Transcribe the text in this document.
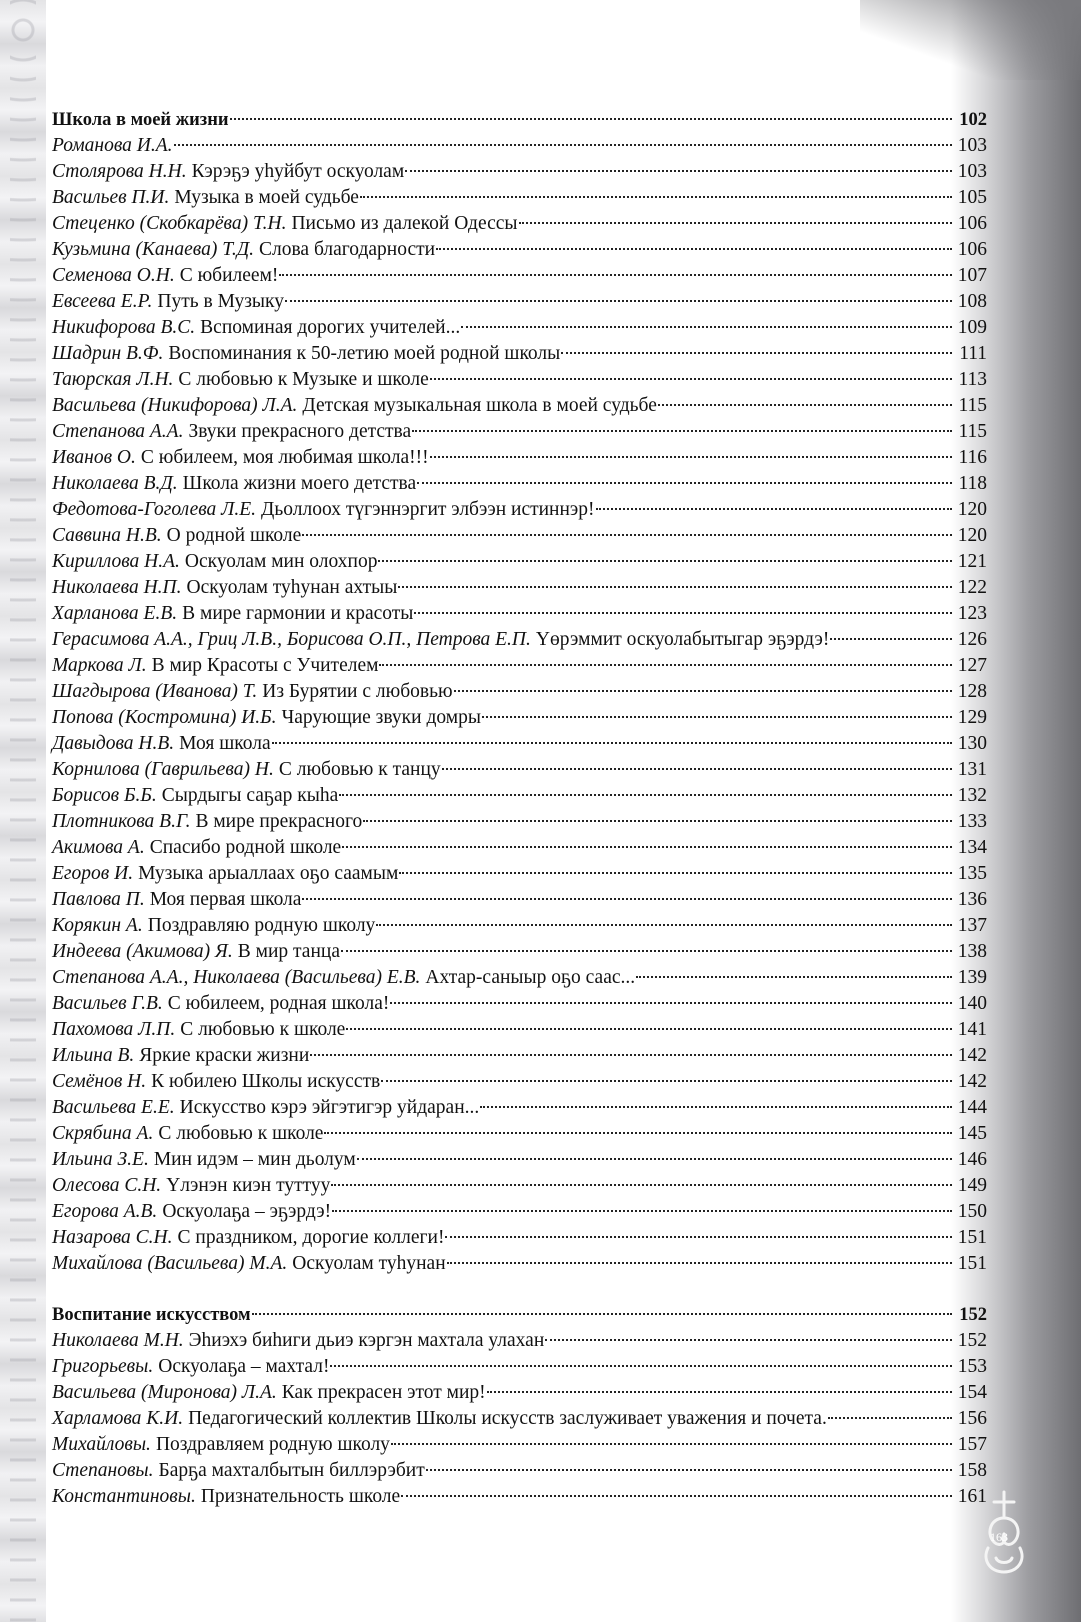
Школа в моей жизни	102
Романова И.А.	103
Столярова Н.Н. Кэрэҕэ уһуйбут оскуолам	103
Васильев П.И. Музыка в моей судьбе	105
Стеценко (Скобкарёва) Т.Н. Письмо из далекой Одессы	106
Кузьмина (Канаева) Т.Д. Слова благодарности	106
Семенова О.Н. С юбилеем!	107
Евсеева Е.Р. Путь в Музыку	108
Никифорова В.С. Вспоминая дорогих учителей...	109
Шадрин В.Ф. Воспоминания к 50-летию моей родной школы	111
Таюрская Л.Н. С любовью к Музыке и школе	113
Васильева (Никифорова) Л.А. Детская музыкальная школа в моей судьбе	115
Степанова А.А. Звуки прекрасного детства	115
Иванов О. С юбилеем, моя любимая школа!!!	116
Николаева В.Д. Школа жизни моего детства	118
Федотова-Гоголева Л.Е. Дьоллоох түгэннэргит элбээн истиннэр!	120
Саввина Н.В. О родной школе	120
Кириллова Н.А. Оскуолам мин олохпор	121
Николаева Н.П. Оскуолам туһунан ахтыы	122
Харланова Е.В. В мире гармонии и красоты	123
Герасимова А.А., Гриц Л.В., Борисова О.П., Петрова Е.П. Үөрэммит оскуолабытыгар эҕэрдэ!	126
Маркова Л. В мир Красоты с Учителем	127
Шагдырова (Иванова) Т. Из Бурятии с любовью	128
Попова (Костромина) И.Б. Чарующие звуки домры	129
Давыдова Н.В. Моя школа	130
Корнилова (Гаврильева) Н. С любовью к танцу	131
Борисов Б.Б. Сырдыгы саҕар кыһа	132
Плотникова В.Г. В мире прекрасного	133
Акимова А. Спасибо родной школе	134
Егоров И. Музыка арыаллаах оҕо саамым	135
Павлова П. Моя первая школа	136
Корякин А. Поздравляю родную школу	137
Индеева (Акимова) Я. В мир танца	138
Степанова А.А., Николаева (Васильева) Е.В. Ахтар-саныыр оҕо саас...	139
Васильев Г.В. С юбилеем, родная школа!	140
Пахомова Л.П. С любовью к школе	141
Ильина В. Яркие краски жизни	142
Семёнов Н. К юбилею Школы искусств	142
Васильева Е.Е. Искусство кэрэ эйгэтигэр уйдаран...	144
Скрябина А. С любовью к школе	145
Ильина З.Е. Мин идэм – мин дьолум	146
Олесова С.Н. Үлэнэн киэн туттуу	149
Егорова А.В. Оскуолаҕа – эҕэрдэ!	150
Назарова С.Н. С праздником, дорогие коллеги!	151
Михайлова (Васильева) М.А. Оскуолам туһунан	151
Воспитание искусством	152
Николаева М.Н. Эһиэхэ биһиги дьиэ кэргэн махтала улахан	152
Григорьевы. Оскуолаҕа – махтал!	153
Васильева (Миронова) Л.А. Как прекрасен этот мир!	154
Харламова К.И. Педагогический коллектив Школы искусств заслуживает уважения и почета.	156
Михайловы. Поздравляем родную школу	157
Степановы. Барҕа махталбытын биллэрэбит	158
Константиновы. Признательность школе	161
163
